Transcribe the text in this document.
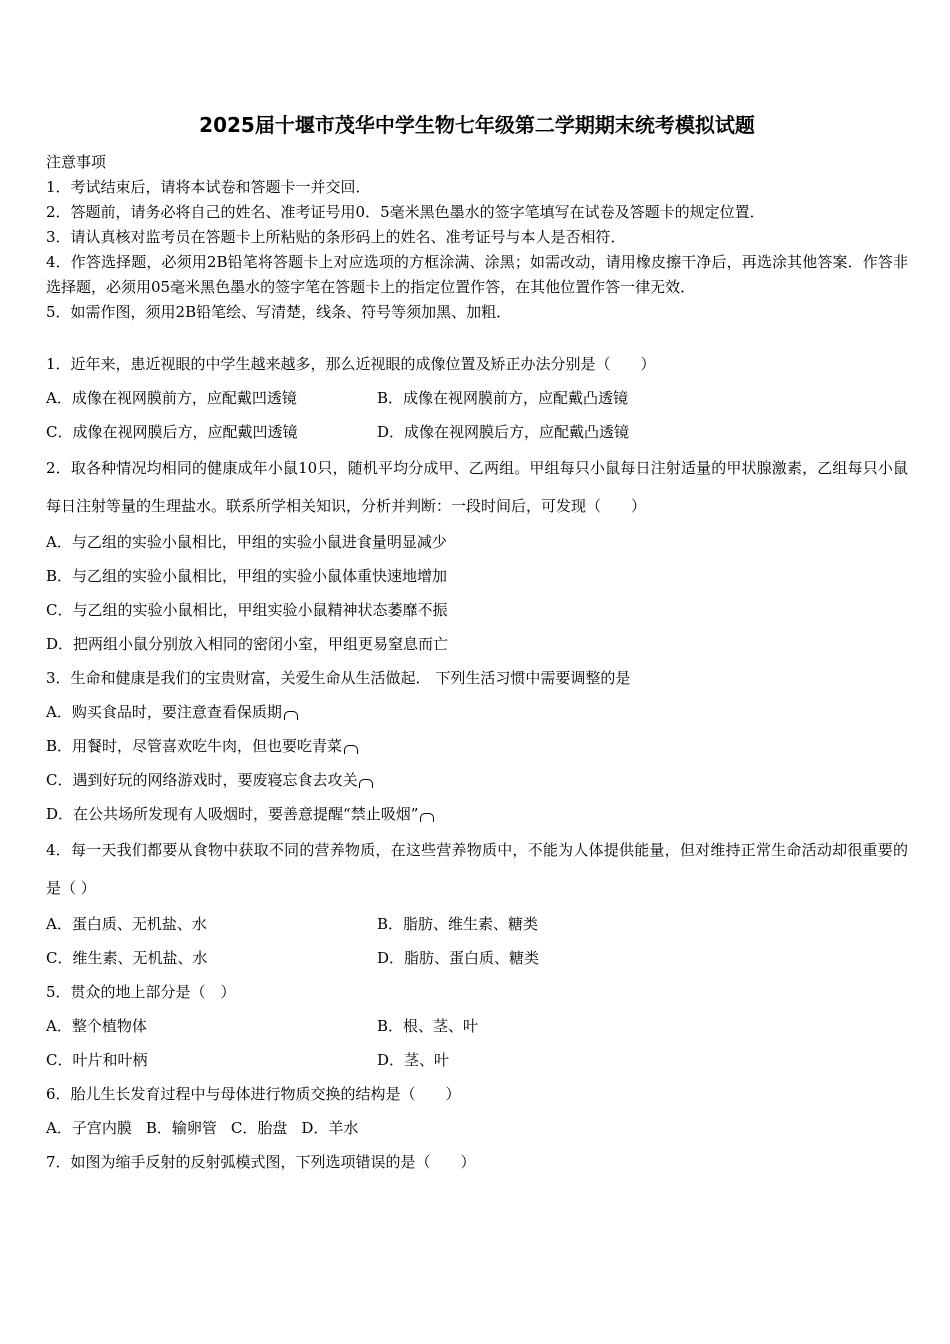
2025届十堰市茂华中学生物七年级第二学期期末统考模拟试题
注意事项
1．考试结束后，请将本试卷和答题卡一并交回．
2．答题前，请务必将自己的姓名、准考证号用0．5毫米黑色墨水的签字笔填写在试卷及答题卡的规定位置．
3．请认真核对监考员在答题卡上所粘贴的条形码上的姓名、准考证号与本人是否相符．
4．作答选择题，必须用2B铅笔将答题卡上对应选项的方框涂满、涂黑；如需改动，请用橡皮擦干净后，再选涂其他答案．作答非选择题，必须用05毫米黑色墨水的签字笔在答题卡上的指定位置作答，在其他位置作答一律无效．
5．如需作图，须用2B铅笔绘、写清楚，线条、符号等须加黑、加粗．
1．近年来，患近视眼的中学生越来越多，那么近视眼的成像位置及矫正办法分别是（　　）
A．成像在视网膜前方，应配戴凹透镜	B．成像在视网膜前方，应配戴凸透镜
C．成像在视网膜后方，应配戴凹透镜	D．成像在视网膜后方，应配戴凸透镜
2．取各种情况均相同的健康成年小鼠10只，随机平均分成甲、乙两组。甲组每只小鼠每日注射适量的甲状腺激素，乙组每只小鼠每日注射等量的生理盐水。联系所学相关知识，分析并判断：一段时间后，可发现（　　）
A．与乙组的实验小鼠相比，甲组的实验小鼠进食量明显减少
B．与乙组的实验小鼠相比，甲组的实验小鼠体重快速地增加
C．与乙组的实验小鼠相比，甲组实验小鼠精神状态萎靡不振
D．把两组小鼠分别放入相同的密闭小室，甲组更易窒息而亡
3．生命和健康是我们的宝贵财富，关爱生命从生活做起． 下列生活习惯中需要调整的是
A．购买食品时，要注意查看保质期
B．用餐时，尽管喜欢吃牛肉，但也要吃青菜
C．遇到好玩的网络游戏时，要废寝忘食去攻关
D．在公共场所发现有人吸烟时，要善意提醒“禁止吸烟”
4．每一天我们都要从食物中获取不同的营养物质，在这些营养物质中，不能为人体提供能量，但对维持正常生命活动却很重要的是（ ）
A．蛋白质、无机盐、水	B．脂肪、维生素、糖类
C．维生素、无机盐、水	D．脂肪、蛋白质、糖类
5．贯众的地上部分是（　）
A．整个植物体	B．根、茎、叶
C．叶片和叶柄	D．茎、叶
6．胎儿生长发育过程中与母体进行物质交换的结构是（　　）
A．子宫内膜 B．输卵管 C．胎盘 D．羊水
7．如图为缩手反射的反射弧模式图，下列选项错误的是（　　）
